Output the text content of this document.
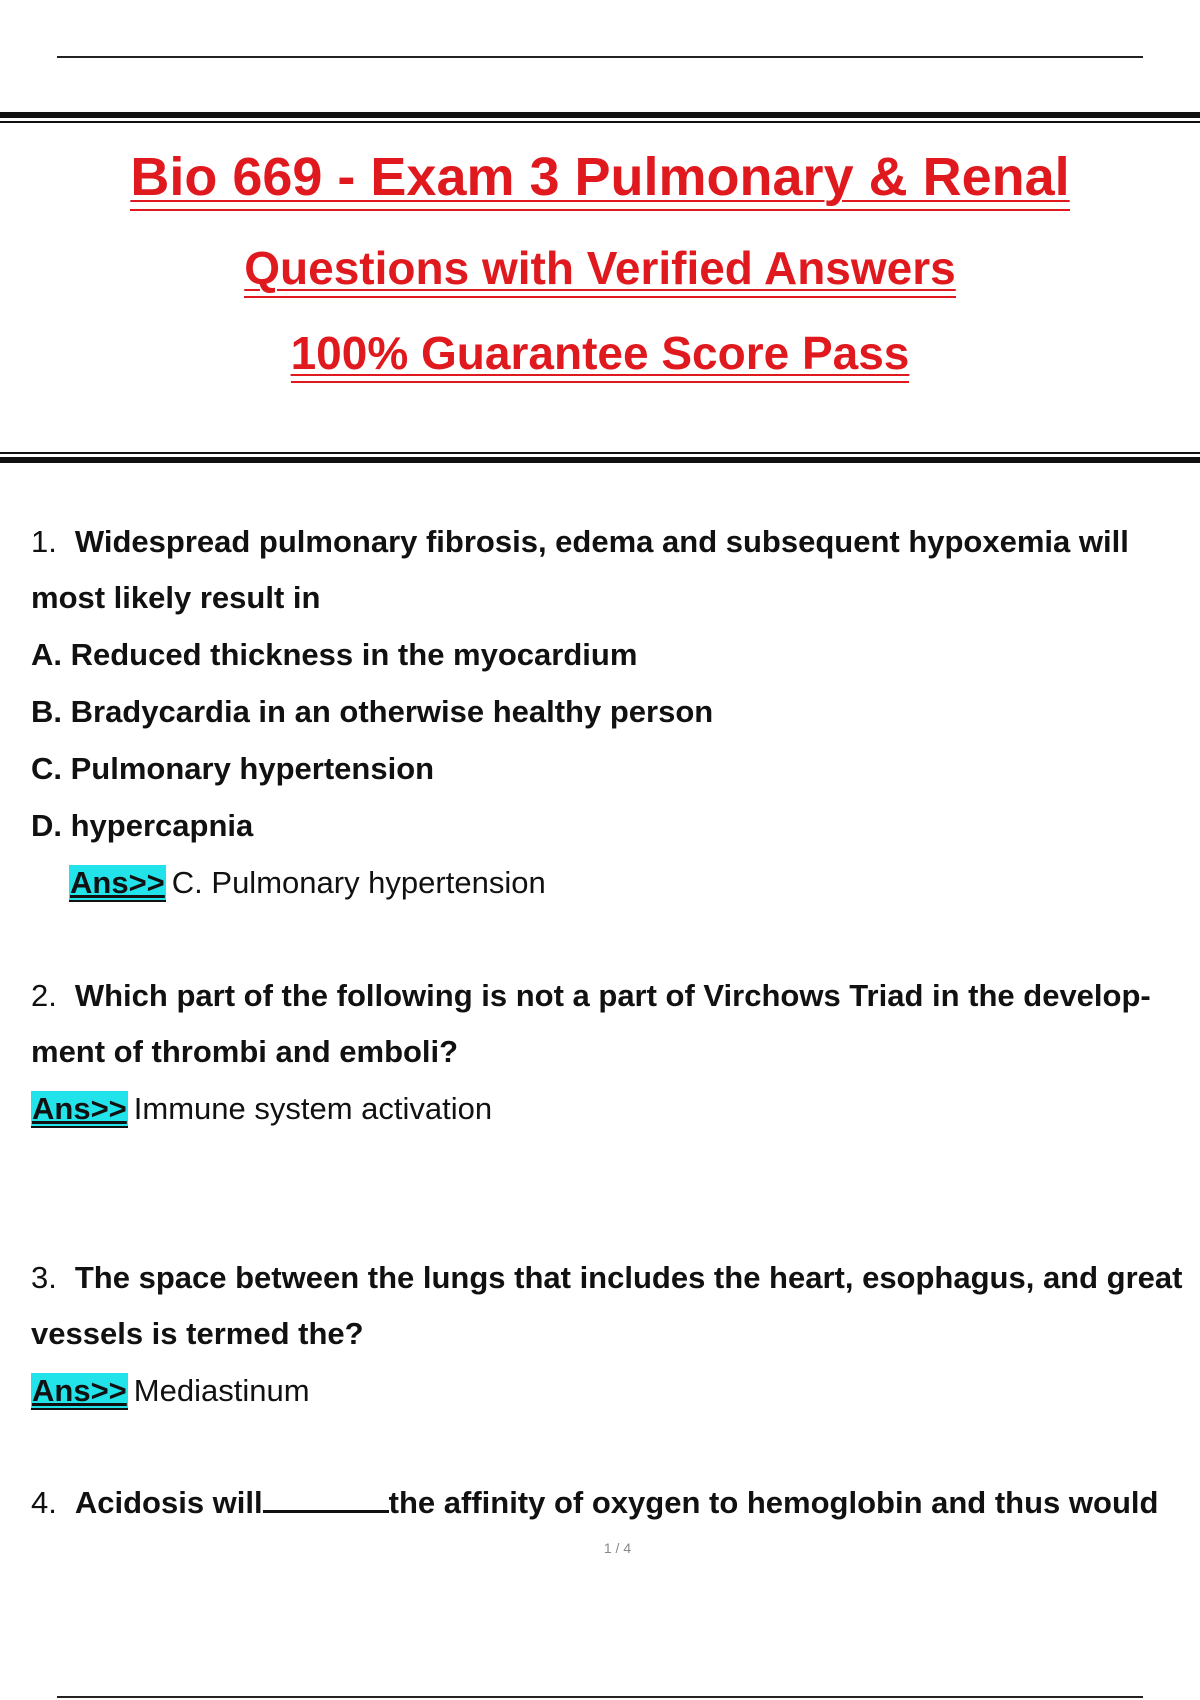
Bio 669 - Exam 3 Pulmonary & Renal
Questions with Verified Answers
100% Guarantee Score Pass
1. Widespread pulmonary fibrosis, edema and subsequent hypoxemia will
most likely result in
A. Reduced thickness in the myocardium
B. Bradycardia in an otherwise healthy person
C. Pulmonary hypertension
D. hypercapnia
Ans>> C. Pulmonary hypertension
2. Which part of the following is not a part of Virchows Triad in the develop-
ment of thrombi and emboli?
Ans>> Immune system activation
3. The space between the lungs that includes the heart, esophagus, and great
vessels is termed the?
Ans>> Mediastinum
4. Acidosis will	the affinity of oxygen to hemoglobin and thus would
1 / 4
